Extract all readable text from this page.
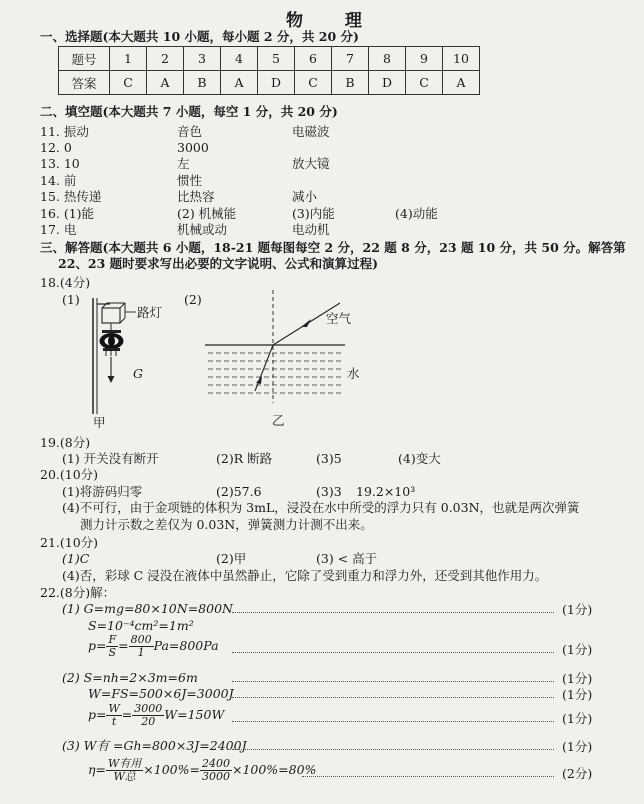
物 理
一、选择题(本大题共 10 小题，每小题 2 分，共 20 分)
题号	1	2	3	4	5	6	7	8	9	10
答案	C	A	B	A	D	C	B	D	C	A
二、填空题(本大题共 7 小题，每空 1 分，共 20 分)
11. 振动	音色	电磁波
12. 0	3000
13. 10	左	放大镜
14. 前	惯性
15. 热传递	比热容	减小
16. (1)能	(2) 机械能	(3)内能	(4)动能
17. 电	机械或动	电动机
三、解答题(本大题共 6 小题，18-21 题每图每空 2 分，22 题 8 分，23 题 10 分，共 50 分。解答第
22、23 题时要求写出必要的文字说明、公式和演算过程)
18.(4分)
(1)	(2)
路灯
G
甲
空气
水
乙
19.(8分)
(1) 开关没有断开	(2)R 断路	(3)5	(4)变大
20.(10分)
(1)将游码归零	(2)57.6	(3)3 19.2×10³
(4)不可行，由于金项链的体积为 3mL，浸没在水中所受的浮力只有 0.03N，也就是两次弹簧
测力计示数之差仅为 0.03N，弹簧测力计测不出来。
21.(10分)
(1)C	(2)甲	(3) < 高于
(4)否，彩球 C 浸没在液体中虽然静止，它除了受到重力和浮力外，还受到其他作用力。
22.(8分)解：
(1) G=mg=80×10N=800N	(1分)
S=10⁻⁴cm²=1m²
$p= \frac{F}{S} = \frac{800}{1} Pa=800Pa$	(1分)
(2) S=nh=2×3m=6m	(1分)
W=FS=500×6J=3000J	(1分)
$p= \frac{W}{t} = \frac{3000}{20} W=150W$	(1分)
(3) W有 =Gh=800×3J=2400J	(1分)
$\eta= \frac{\text{W有用}}{\text{W总}} \times 100\%= \frac{2400}{3000} \times 100\%=80\%$	(2分)
